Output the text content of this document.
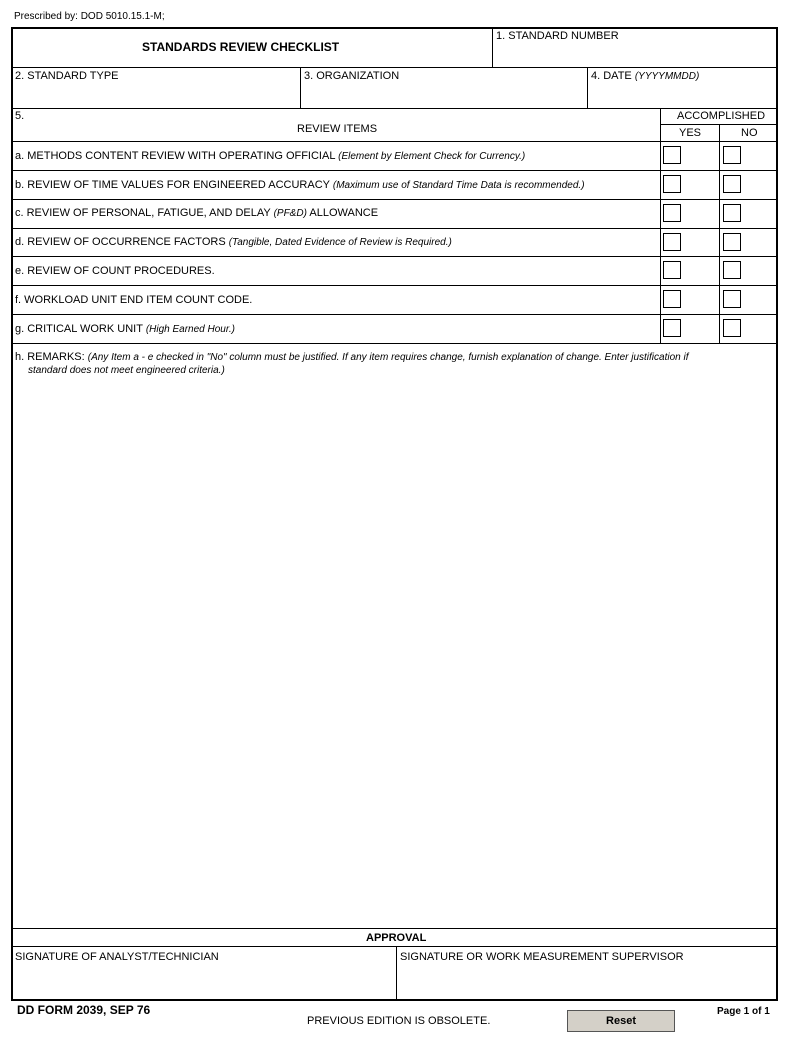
Prescribed by: DOD 5010.15.1-M;
STANDARDS REVIEW CHECKLIST
1. STANDARD NUMBER
2. STANDARD TYPE	3. ORGANIZATION	4. DATE (YYYYMMDD)
5.
REVIEW ITEMS
ACCOMPLISHED
YES	NO
a. METHODS CONTENT REVIEW WITH OPERATING OFFICIAL (Element by Element Check for Currency.)
b. REVIEW OF TIME VALUES FOR ENGINEERED ACCURACY (Maximum use of Standard Time Data is recommended.)
c. REVIEW OF PERSONAL, FATIGUE, AND DELAY (PF&D) ALLOWANCE
d. REVIEW OF OCCURRENCE FACTORS (Tangible, Dated Evidence of Review is Required.)
e. REVIEW OF COUNT PROCEDURES.
f. WORKLOAD UNIT END ITEM COUNT CODE.
g. CRITICAL WORK UNIT (High Earned Hour.)
h. REMARKS: (Any Item a - e checked in "No" column must be justified. If any item requires change, furnish explanation of change. Enter justification if
standard does not meet engineered criteria.)
APPROVAL
SIGNATURE OF ANALYST/TECHNICIAN	SIGNATURE OR WORK MEASUREMENT SUPERVISOR
DD FORM 2039, SEP 76
PREVIOUS EDITION IS OBSOLETE.	Reset
Page 1 of 1
